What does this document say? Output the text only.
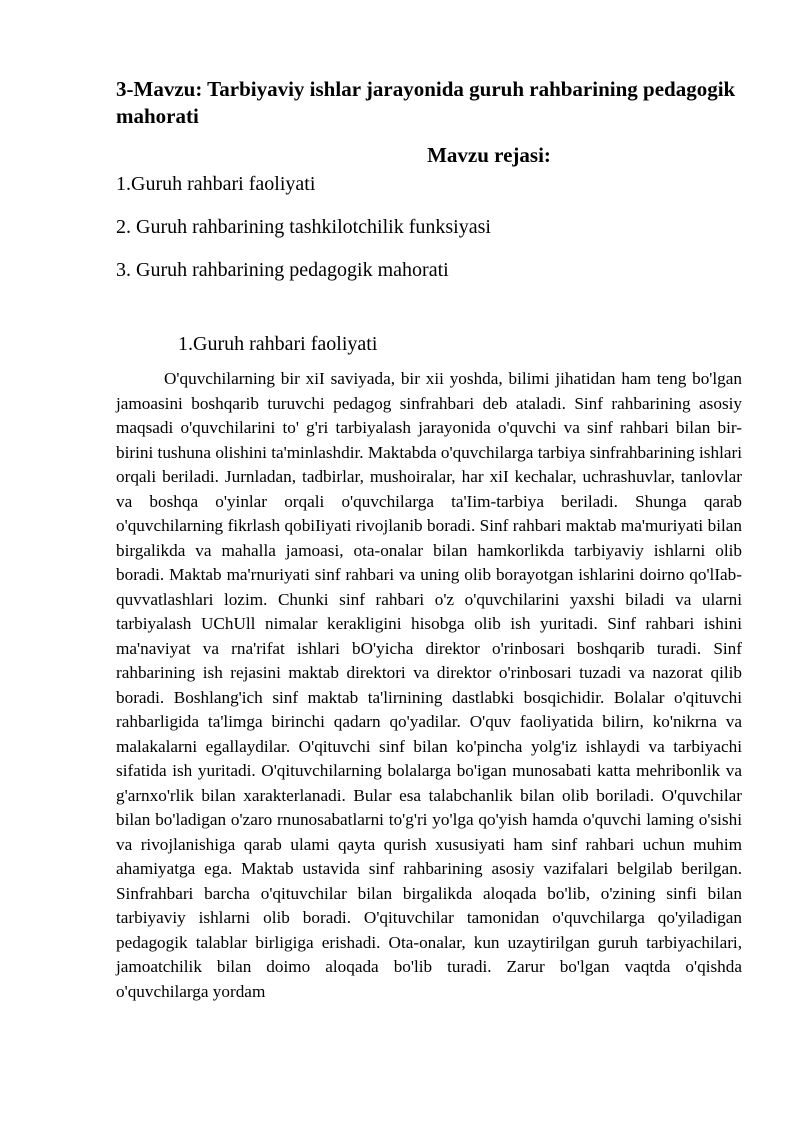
3-Mavzu: Tarbiyaviy ishlar jarayonida guruh rahbarining pedagogik mahorati
Mavzu rejasi:
1.Guruh rahbari faoliyati
2. Guruh rahbarining tashkilotchilik funksiyasi
3. Guruh rahbarining pedagogik mahorati
1.Guruh rahbari faoliyati

O'quvchilarning bir xiI saviyada, bir xii yoshda, bilimi jihatidan ham teng bo'lgan jamoasini boshqarib turuvchi pedagog sinfrahbari deb ataladi. Sinf rahbarining asosiy maqsadi o'quvchilarini to' g'ri tarbiyalash jarayonida o'quvchi va sinf rahbari bilan bir-birini tushuna olishini ta'minlashdir. Maktabda o'quvchilarga tarbiya sinfrahbarining ishlari orqali beriladi. Jurnladan, tadbirlar, mushoiralar, har xiI kechalar, uchrashuvlar, tanlovlar va boshqa o'yinlar orqali o'quvchilarga ta'Iim-tarbiya beriladi. Shunga qarab o'quvchilarning fikrlash qobiIiyati rivojlanib boradi. Sinf rahbari maktab ma'muriyati bilan birgalikda va mahalla jamoasi, ota-onalar bilan hamkorlikda tarbiyaviy ishlarni olib boradi. Maktab ma'rnuriyati sinf rahbari va uning olib borayotgan ishlarini doirno qo'lIab-quvvatlashlari lozim. Chunki sinf rahbari o'z o'quvchilarini yaxshi biladi va ularni tarbiyalash UChUll nimalar kerakligini hisobga olib ish yuritadi. Sinf rahbari ishini ma'naviyat va rna'rifat ishlari bO'yicha direktor o'rinbosari boshqarib turadi. Sinf rahbarining ish rejasini maktab direktori va direktor o'rinbosari tuzadi va nazorat qilib boradi. Boshlang'ich sinf maktab ta'lirnining dastlabki bosqichidir. Bolalar o'qituvchi rahbarligida ta'limga birinchi qadarn qo'yadilar. O'quv faoliyatida bilirn, ko'nikrna va malakalarni egallaydilar. O'qituvchi sinf bilan ko'pincha yolg'iz ishlaydi va tarbiyachi sifatida ish yuritadi. O'qituvchilarning bolalarga bo'igan munosabati katta mehribonlik va g'arnxo'rlik bilan xarakterlanadi. Bular esa talabchanlik bilan olib boriladi. O'quvchilar bilan bo'ladigan o'zaro rnunosabatlarni to'g'ri yo'lga qo'yish hamda o'quvchi laming o'sishi va rivojlanishiga qarab ulami qayta qurish xususiyati ham sinf rahbari uchun muhim ahamiyatga ega. Maktab ustavida sinf rahbarining asosiy vazifalari belgilab berilgan. Sinfrahbari barcha o'qituvchilar bilan birgalikda aloqada bo'lib, o'zining sinfi bilan tarbiyaviy ishlarni olib boradi. O'qituvchilar tamonidan o'quvchilarga qo'yiladigan pedagogik talablar birligiga erishadi. Ota-onalar, kun uzaytirilgan guruh tarbiyachilari, jamoatchilik bilan doimo aloqada bo'lib turadi. Zarur bo'lgan vaqtda o'qishda o'quvchilarga yordam
